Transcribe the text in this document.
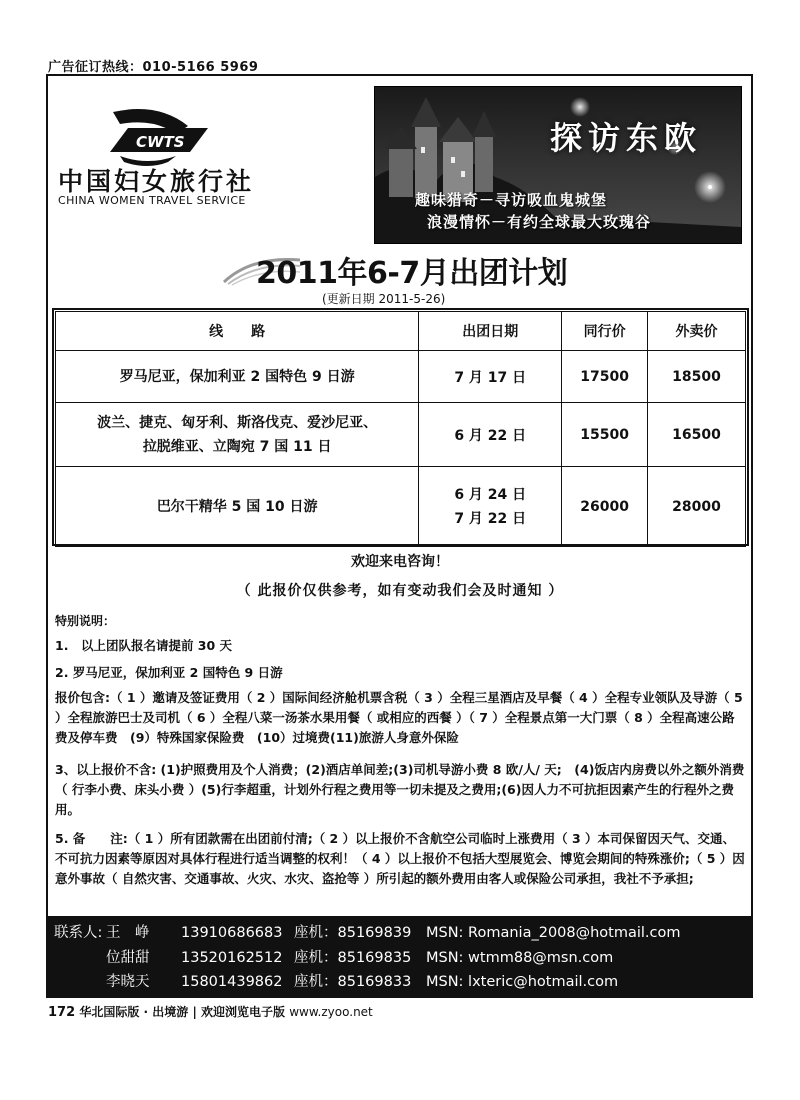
广告征订热线：010-5166 5969
CWTS
中国妇女旅行社
CHINA WOMEN TRAVEL SERVICE
探访东欧
趣味猎奇－寻访吸血鬼城堡
浪漫情怀－有约全球最大玫瑰谷
2011年6-7月出团计划
(更新日期 2011-5-26)
线　　路	出团日期	同行价	外卖价
罗马尼亚，保加利亚 2 国特色 9 日游	7 月 17 日	17500	18500

波兰、捷克、匈牙利、斯洛伐克、爱沙尼亚、
拉脱维亚、立陶宛 7 国 11 日	6 月 22 日	15500	16500
巴尔干精华 5 国 10 日游	6 月 24 日
7 月 22 日	26000	28000
欢迎来电咨询！
（ 此报价仅供参考，如有变动我们会及时通知 ）
特别说明：
1.　以上团队报名请提前 30 天
2. 罗马尼亚，保加利亚 2 国特色 9 日游
报价包含:（ 1 ）邀请及签证费用（ 2 ）国际间经济舱机票含税（ 3 ）全程三星酒店及早餐（ 4 ）全程专业领队及导游（ 5 ）全程旅游巴士及司机（ 6 ）全程八菜一汤茶水果用餐（ 或相应的西餐 ）（ 7 ）全程景点第一大门票（ 8 ）全程高速公路费及停车费　(9）特殊国家保险费　(10）过境费(11)旅游人身意外保险
3、以上报价不含: (1)护照费用及个人消费；(2)酒店单间差;(3)司机导游小费 8 欧/人/ 天;　(4)饭店内房费以外之额外消费（ 行李小费、床头小费 ）(5)行李超重，计划外行程之费用等一切未提及之费用;(6)因人力不可抗拒因素产生的行程外之费用。
5. 备　　注:（ 1 ）所有团款需在出团前付清;（ 2 ）以上报价不含航空公司临时上涨费用（ 3 ）本司保留因天气、交通、不可抗力因素等原因对具体行程进行适当调整的权利！（ 4 ）以上报价不包括大型展览会、博览会期间的特殊涨价;（ 5 ）因意外事故（ 自然灾害、交通事故、火灾、水灾、盗抢等 ）所引起的额外费用由客人或保险公司承担，我社不予承担;
联系人: 王　峥 13910686683 座机：85169839 MSN: Romania_2008@hotmail.com
位甜甜 13520162512 座机：85169835 MSN: wtmm88@msn.com
李晓天 15801439862 座机：85169833 MSN: lxteric@hotmail.com
172 华北国际版 · 出境游 | 欢迎浏览电子版 www.zyoo.net
